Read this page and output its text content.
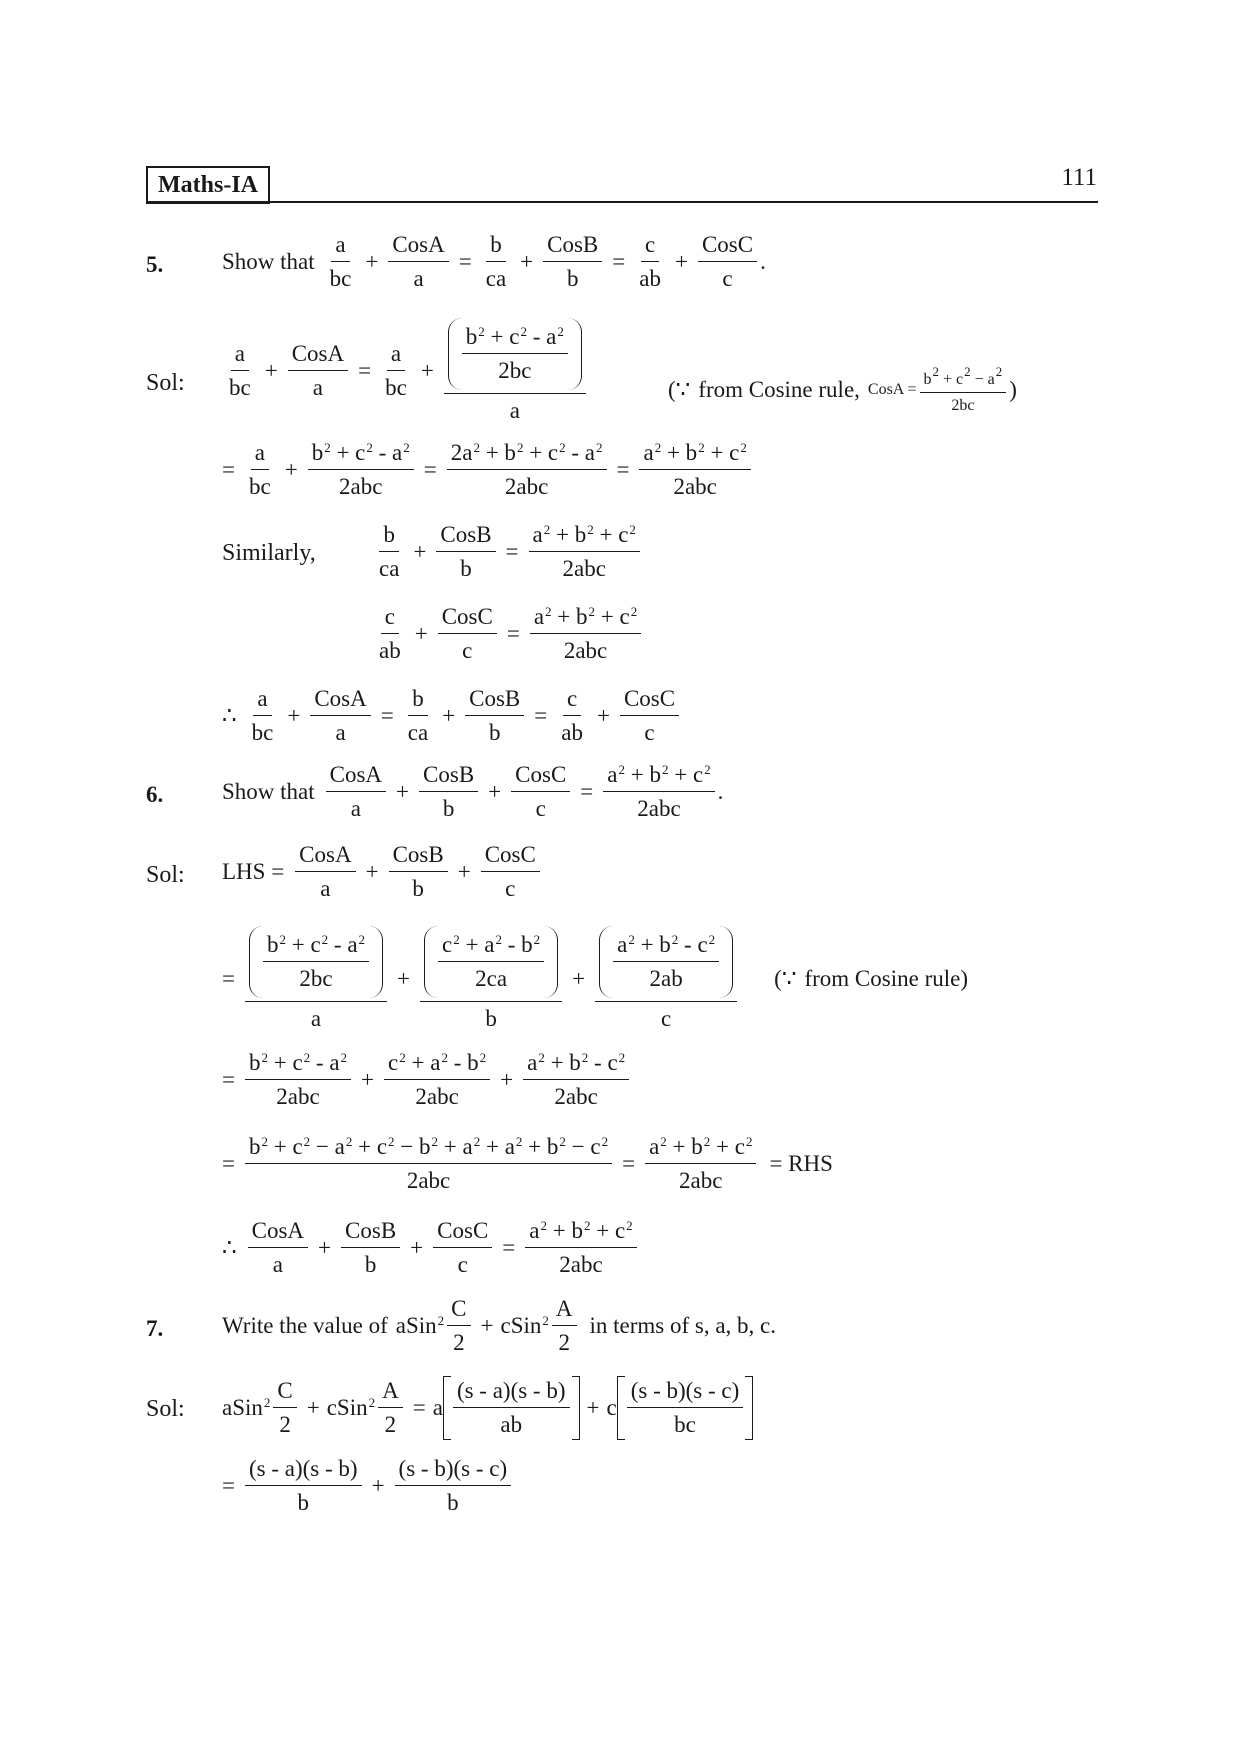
Maths-IA	111
5.	Show that $\frac{a}{bc} + \frac{\text{CosA}}{a} = \frac{b}{ca} + \frac{\text{CosB}}{b} = \frac{c}{ab} + \frac{\text{CosC}}{c}$ .
Sol: $\frac{a}{bc} + \frac{\text{CosA}}{a} = \frac{a}{bc} + \frac{\frac{b^2 + c^2 - a^2}{2bc}}{a}$	(∵ from Cosine rule, CosA = $\frac{b^2 + c^2 - a^2}{2bc}$ )
= $\frac{a}{bc} + \frac{b^2 + c^2 - a^2}{\text{2abc}} = \frac{2a^2 + b^2 + c^2 - a^2}{\text{2abc}} = \frac{a^2 + b^2 + c^2}{\text{2abc}}$
Similarly,	$\frac{b}{ca} + \frac{\text{CosB}}{b} = \frac{a^2 + b^2 + c^2}{\text{2abc}}$
$\frac{c}{ab} + \frac{\text{CosC}}{c} = \frac{a^2 + b^2 + c^2}{\text{2abc}}$
∴ $\frac{a}{bc} + \frac{\text{CosA}}{a} = \frac{b}{ca} + \frac{\text{CosB}}{b} = \frac{c}{ab} + \frac{\text{CosC}}{c}$
6.	Show that $\frac{\text{CosA}}{a} + \frac{\text{CosB}}{b} + \frac{\text{CosC}}{c} = \frac{a^2 + b^2 + c^2}{\text{2abc}}$ .
Sol: LHS = $\frac{\text{CosA}}{a} + \frac{\text{CosB}}{b} + \frac{\text{CosC}}{c}$
= $\frac{\frac{b^2 + c^2 - a^2}{2bc}}{a} + \frac{\frac{c^2 + a^2 - b^2}{2ca}}{b} + \frac{\frac{a^2 + b^2 - c^2}{2ab}}{c}$ (∵ from Cosine rule)
= $\frac{b^2 + c^2 - a^2}{\text{2abc}} + \frac{c^2 + a^2 - b^2}{\text{2abc}} + \frac{a^2 + b^2 - c^2}{\text{2abc}}$
= $\frac{b^2 + c^2 - a^2 + c^2 - b^2 + a^2 + a^2 + b^2 - c^2}{\text{2abc}} = \frac{a^2 + b^2 + c^2}{\text{2abc}}$ = RHS
∴ $\frac{\text{CosA}}{a} + \frac{\text{CosB}}{b} + \frac{\text{CosC}}{c} = \frac{a^2 + b^2 + c^2}{\text{2abc}}$
7.	Write the value of aSin$^2$ $\frac{C}{2}$ + cSin$^2$ $\frac{A}{2}$ in terms of s, a, b, c.
Sol: aSin$^2$ $\frac{C}{2}$ + cSin$^2$ $\frac{A}{2} = a \frac{(s - a)(s - b)}{ab} + c \frac{(s - b)(s - c)}{bc}$
= $\frac{(s - a)(s - b)}{b} + \frac{(s - b)(s - c)}{b}$
